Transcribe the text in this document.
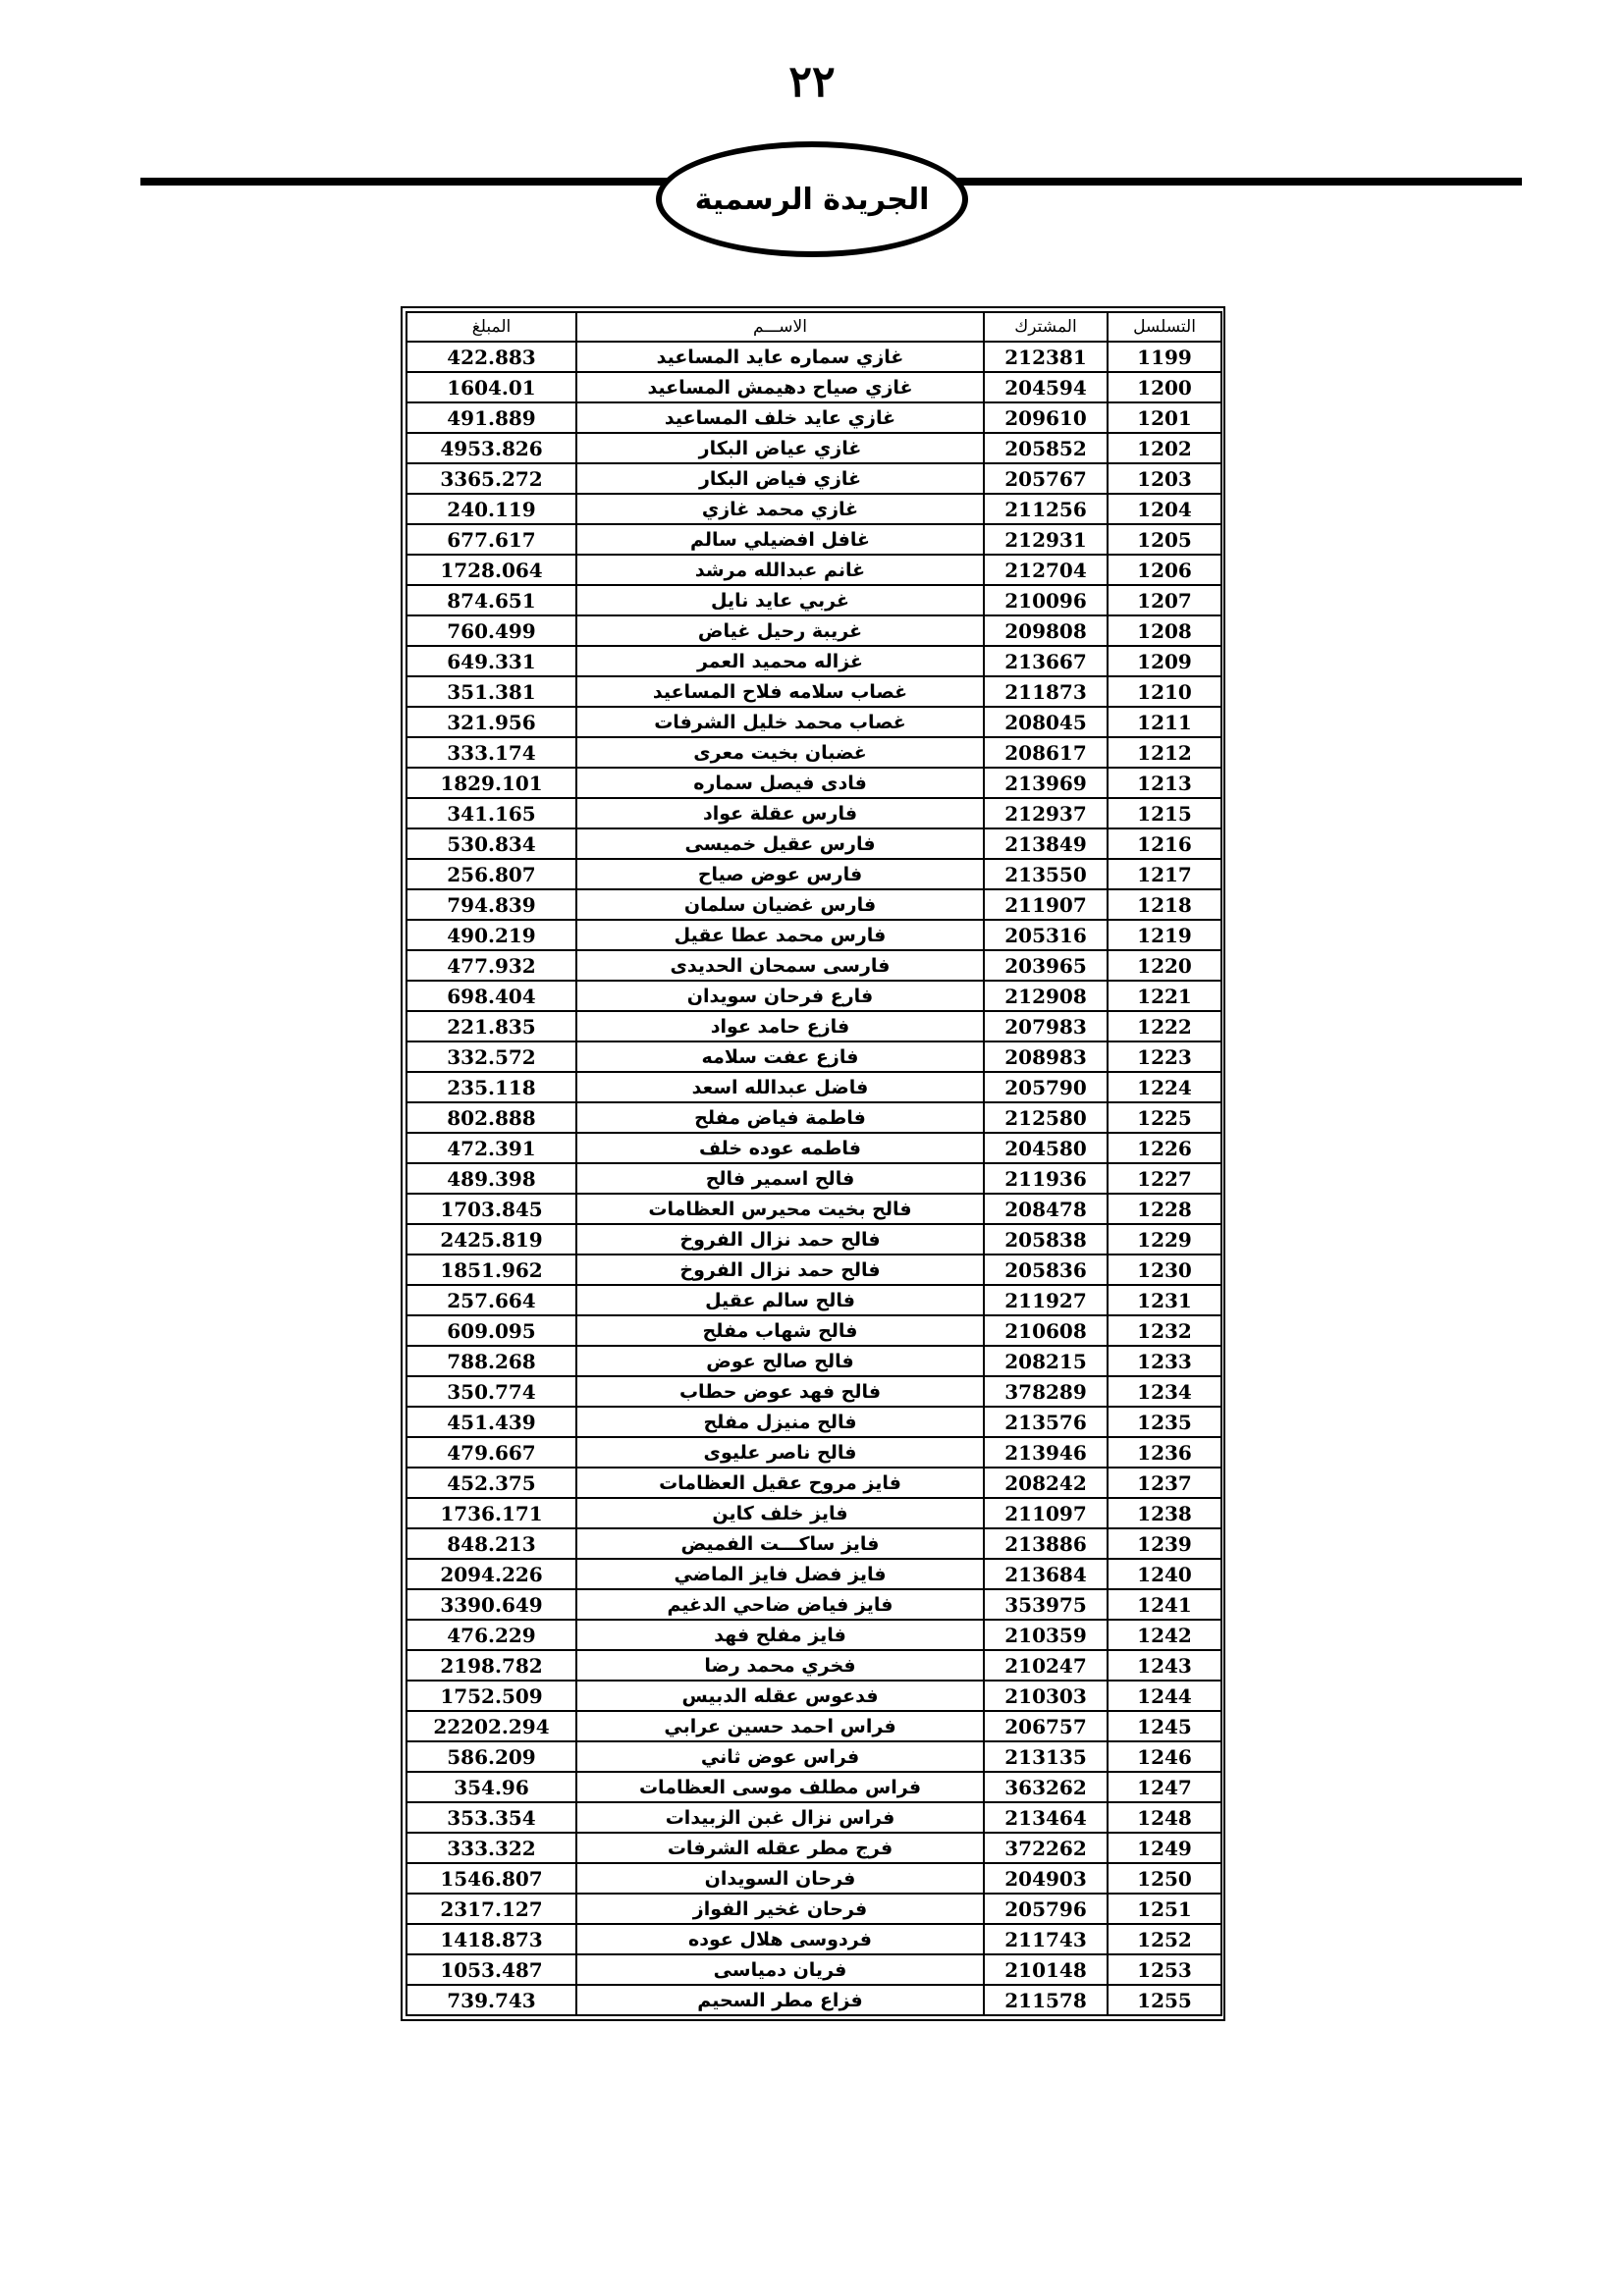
٢٢
الجريدة الرسمية
التسلسل	المشترك	الاســـم	المبلغ
1199	212381	غازي سماره عايد المساعيد	422.883
1200	204594	غازي صياح دهيمش المساعيد	1604.01
1201	209610	غازي عايد خلف المساعيد	491.889
1202	205852	غازي عياض البكار	4953.826
1203	205767	غازي فياض البكار	3365.272
1204	211256	غازي محمد غازي	240.119
1205	212931	غافل افضيلي سالم	677.617
1206	212704	غانم عبدالله مرشد	1728.064
1207	210096	غربي عايد نايل	874.651
1208	209808	غريبة رحيل غياض	760.499
1209	213667	غزاله محميد العمر	649.331
1210	211873	غصاب سلامه فلاح المساعيد	351.381
1211	208045	غصاب محمد خليل الشرفات	321.956
1212	208617	غضبان بخيت معرى	333.174
1213	213969	فادى فيصل سماره	1829.101
1215	212937	فارس عقلة عواد	341.165
1216	213849	فارس عقيل خميسى	530.834
1217	213550	فارس عوض صياح	256.807
1218	211907	فارس غضيان سلمان	794.839
1219	205316	فارس محمد عطا عقيل	490.219
1220	203965	فارسى سمحان الحديدى	477.932
1221	212908	فارع فرحان سويدان	698.404
1222	207983	فازع حامد عواد	221.835
1223	208983	فازع عفت سلامه	332.572
1224	205790	فاضل عبدالله اسعد	235.118
1225	212580	فاطمة فياض مفلح	802.888
1226	204580	فاطمه عوده خلف	472.391
1227	211936	فالح اسمير فالح	489.398
1228	208478	فالح بخيت محيرس العظامات	1703.845
1229	205838	فالح حمد نزال الفروخ	2425.819
1230	205836	فالح حمد نزال الفروخ	1851.962
1231	211927	فالح سالم عقيل	257.664
1232	210608	فالح شهاب مفلح	609.095
1233	208215	فالح صالح عوض	788.268
1234	378289	فالح فهد عوض حطاب	350.774
1235	213576	فالح منيزل مفلح	451.439
1236	213946	فالح ناصر عليوى	479.667
1237	208242	فايز مروح عقيل العظامات	452.375
1238	211097	فايز خلف كاين	1736.171
1239	213886	فايز ساكـــت الفميض	848.213
1240	213684	فايز فضل فايز الماضي	2094.226
1241	353975	فايز فياض ضاحي الدغيم	3390.649
1242	210359	فايز مفلح فهد	476.229
1243	210247	فخري محمد رضا	2198.782
1244	210303	فدعوس عقله الدبيس	1752.509
1245	206757	فراس احمد حسين عرابي	22202.294
1246	213135	فراس عوض ثاني	586.209
1247	363262	فراس مطلف موسى العظامات	354.96
1248	213464	فراس نزال غبن الزبيدات	353.354
1249	372262	فرج مطر عقله الشرفات	333.322
1250	204903	فرحان السويدان	1546.807
1251	205796	فرحان غخير الفواز	2317.127
1252	211743	فردوسى هلال عوده	1418.873
1253	210148	فريان دمياسى	1053.487
1255	211578	فزاع مطر السحيم	739.743
